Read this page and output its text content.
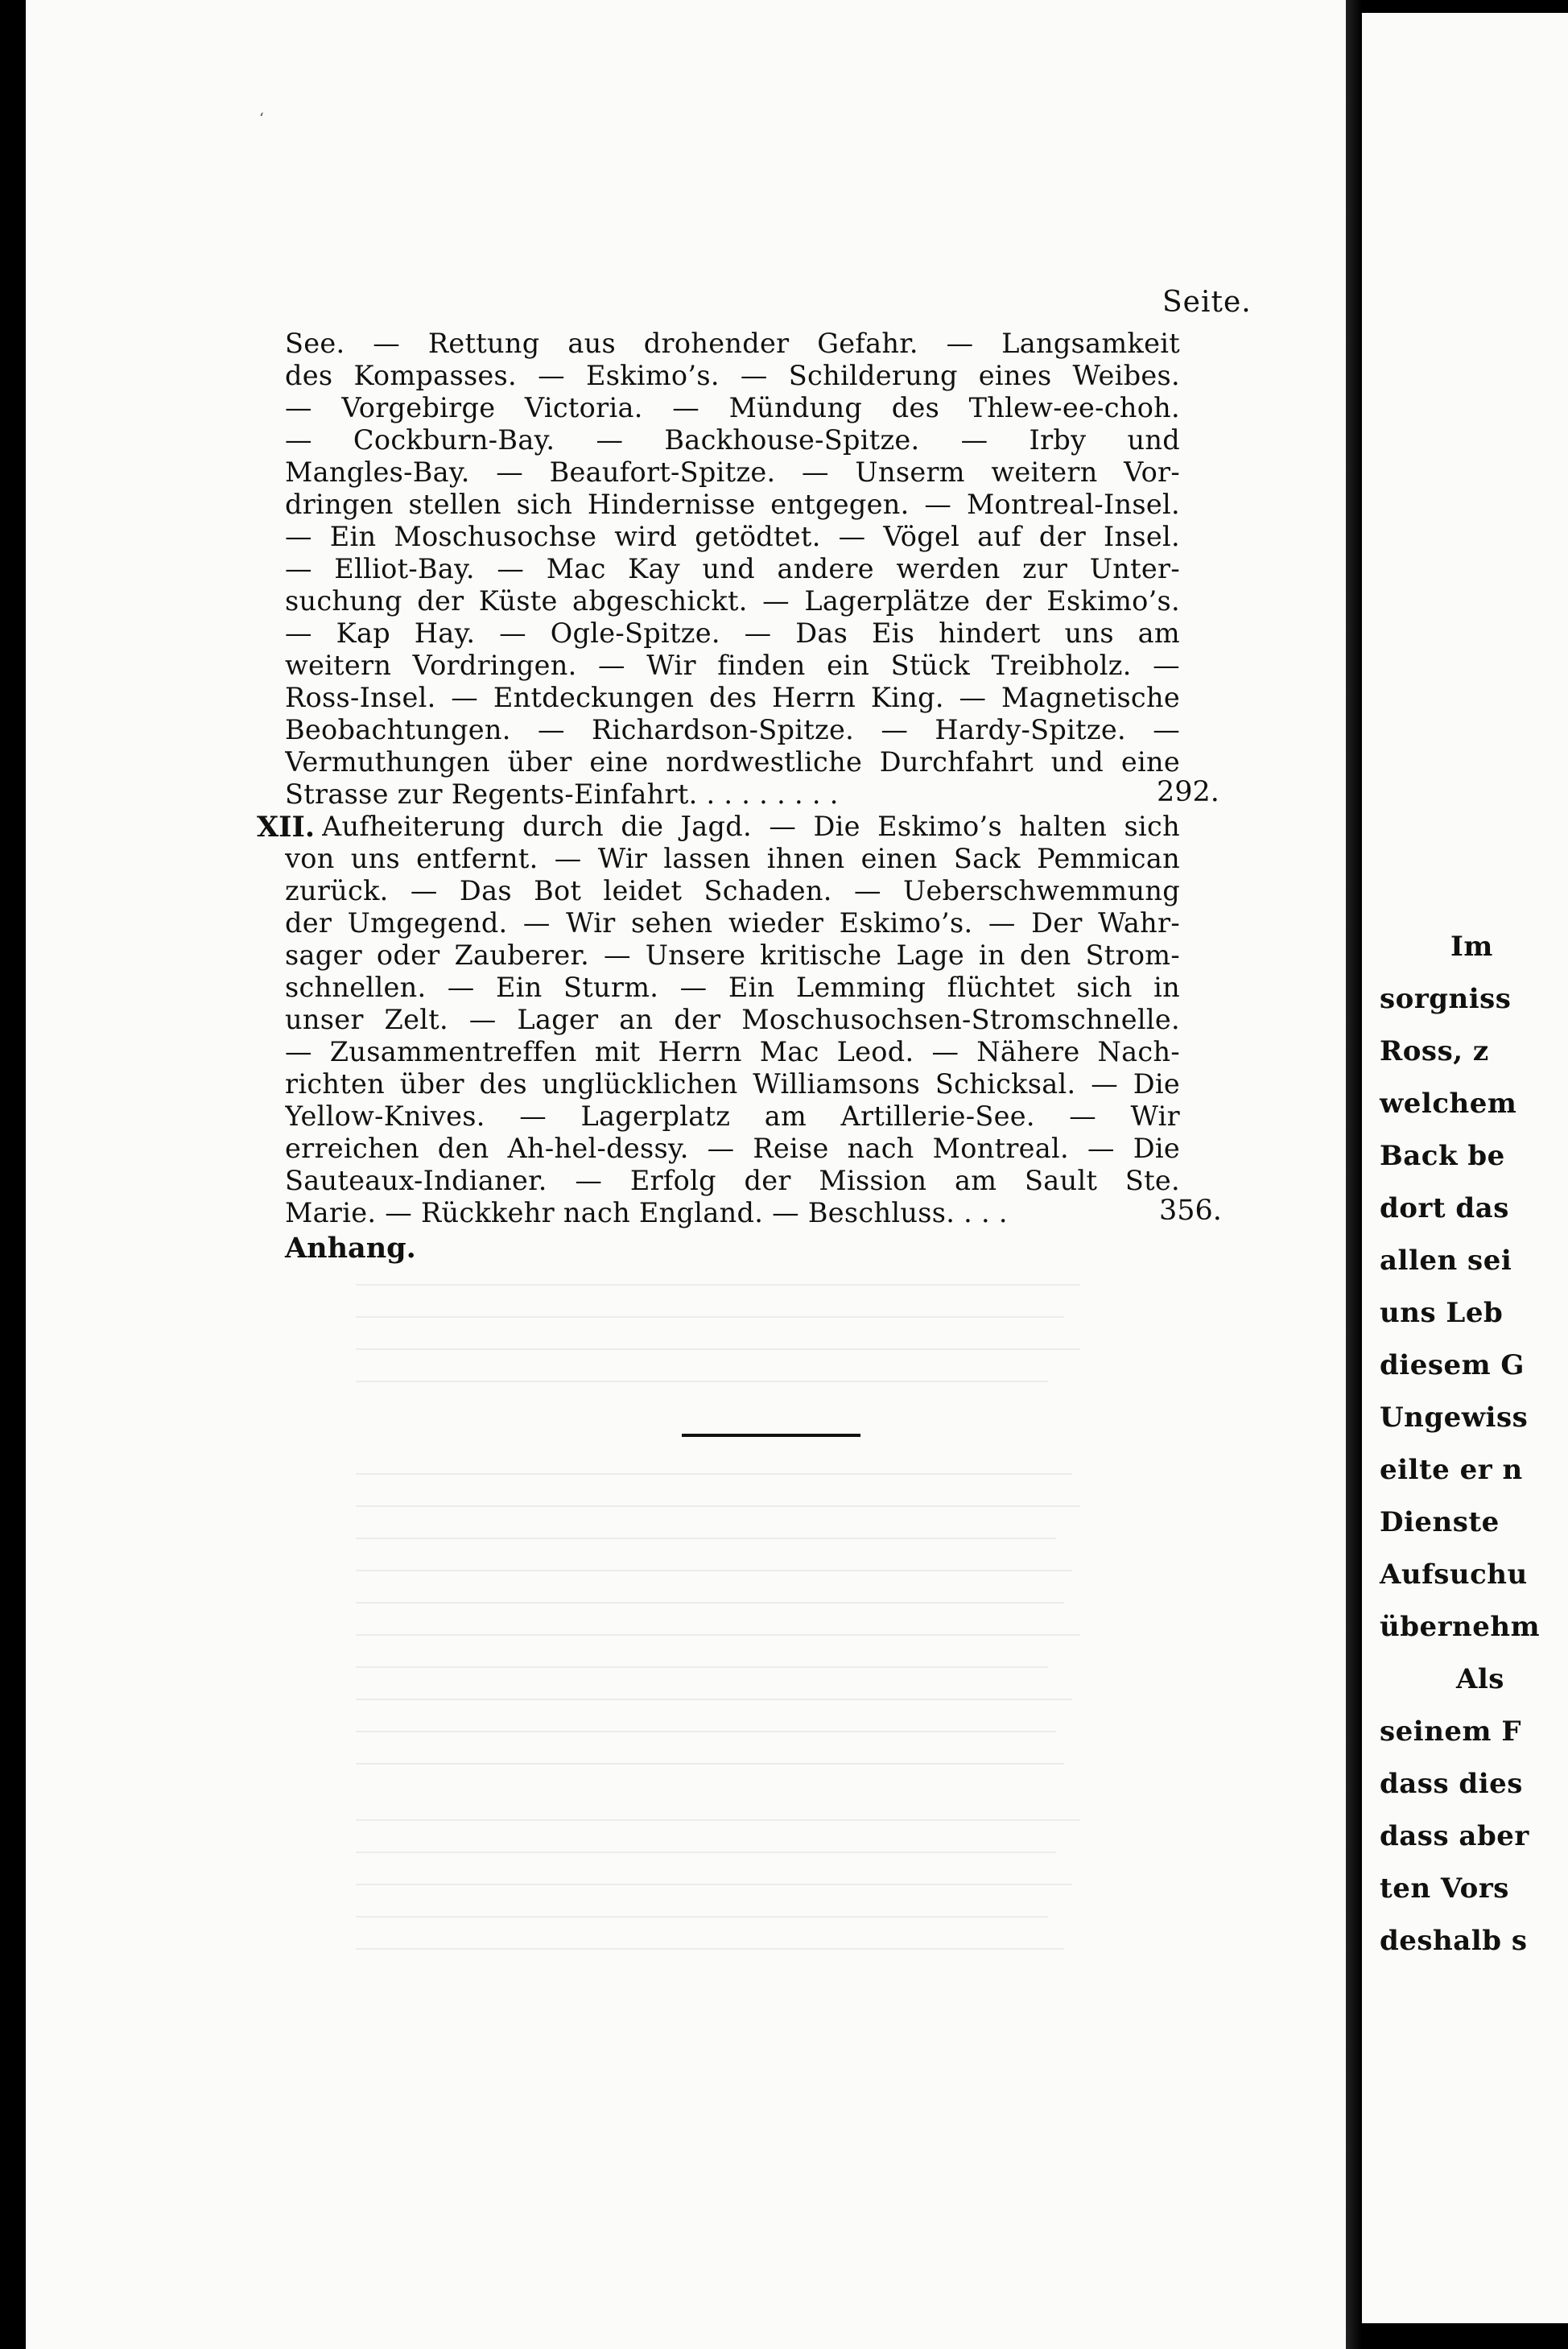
‘
Seite.
See. — Rettung aus drohender Gefahr. — Langsamkeit
des Kompasses. — Eskimo’s. — Schilderung eines Weibes.
— Vorgebirge Victoria. — Mündung des Thlew-ee-choh.
— Cockburn-Bay. — Backhouse-Spitze. — Irby und
Mangles-Bay. — Beaufort-Spitze. — Unserm weitern Vor-
dringen stellen sich Hindernisse entgegen. — Montreal-Insel.
— Ein Moschusochse wird getödtet. — Vögel auf der Insel.
— Elliot-Bay. — Mac Kay und andere werden zur Unter-
suchung der Küste abgeschickt. — Lagerplätze der Eskimo’s.
— Kap Hay. — Ogle-Spitze. — Das Eis hindert uns am
weitern Vordringen. — Wir finden ein Stück Treibholz. —
Ross-Insel. — Entdeckungen des Herrn King. — Magnetische
Beobachtungen. — Richardson-Spitze. — Hardy-Spitze. —
Vermuthungen über eine nordwestliche Durchfahrt und eine
Strasse zur Regents-Einfahrt. . . . . . . . .	292.
XII. Aufheiterung durch die Jagd. — Die Eskimo’s halten sich
von uns entfernt. — Wir lassen ihnen einen Sack Pemmican
zurück. — Das Bot leidet Schaden. — Ueberschwemmung
der Umgegend. — Wir sehen wieder Eskimo’s. — Der Wahr-
sager oder Zauberer. — Unsere kritische Lage in den Strom-
schnellen. — Ein Sturm. — Ein Lemming flüchtet sich in
unser Zelt. — Lager an der Moschusochsen-Stromschnelle.
— Zusammentreffen mit Herrn Mac Leod. — Nähere Nach-
richten über des unglücklichen Williamsons Schicksal. — Die
Yellow-Knives. — Lagerplatz am Artillerie-See. — Wir
erreichen den Ah-hel-dessy. — Reise nach Montreal. — Die
Sauteaux-Indianer. — Erfolg der Mission am Sault Ste.
Marie. — Rückkehr nach England. — Beschluss. . . .	356.
Anhang.
Im
sorgniss
Ross, z
welchem
Back be
dort das
allen sei
uns Leb
diesem G
Ungewiss
eilte er n
Dienste
Aufsuchu
übernehm
Als
seinem F
dass dies
dass aber
ten Vors
deshalb s
